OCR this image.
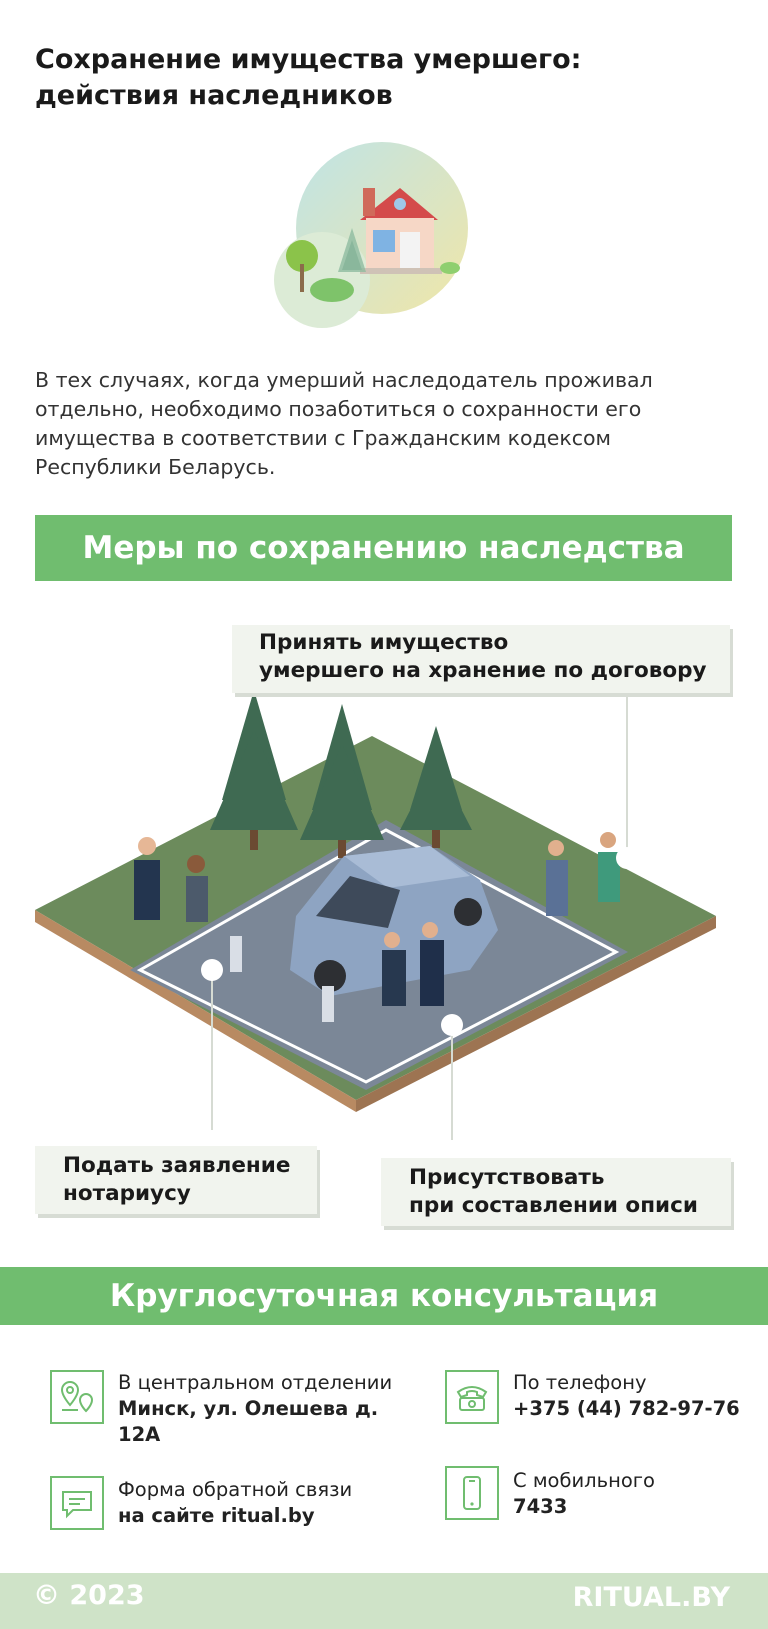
Сохранение имущества умершего:
действия наследников
В тех случаях, когда умерший наследодатель проживал отдельно, необходимо позаботиться о сохранности его имущества в соответствии с Гражданским кодексом Республики Беларусь.
Меры по сохранению наследства
Принять имущество
умершего на хранение по договору
Подать заявление
нотариусу
Присутствовать
при составлении описи
Круглосуточная консультация
В центральном отделении
Минск, ул. Олешева д. 12А
По телефону
+375 (44) 782-97-76
Форма обратной связи
на сайте ritual.by
С мобильного
7433
© 2023	RITUAL.BY
